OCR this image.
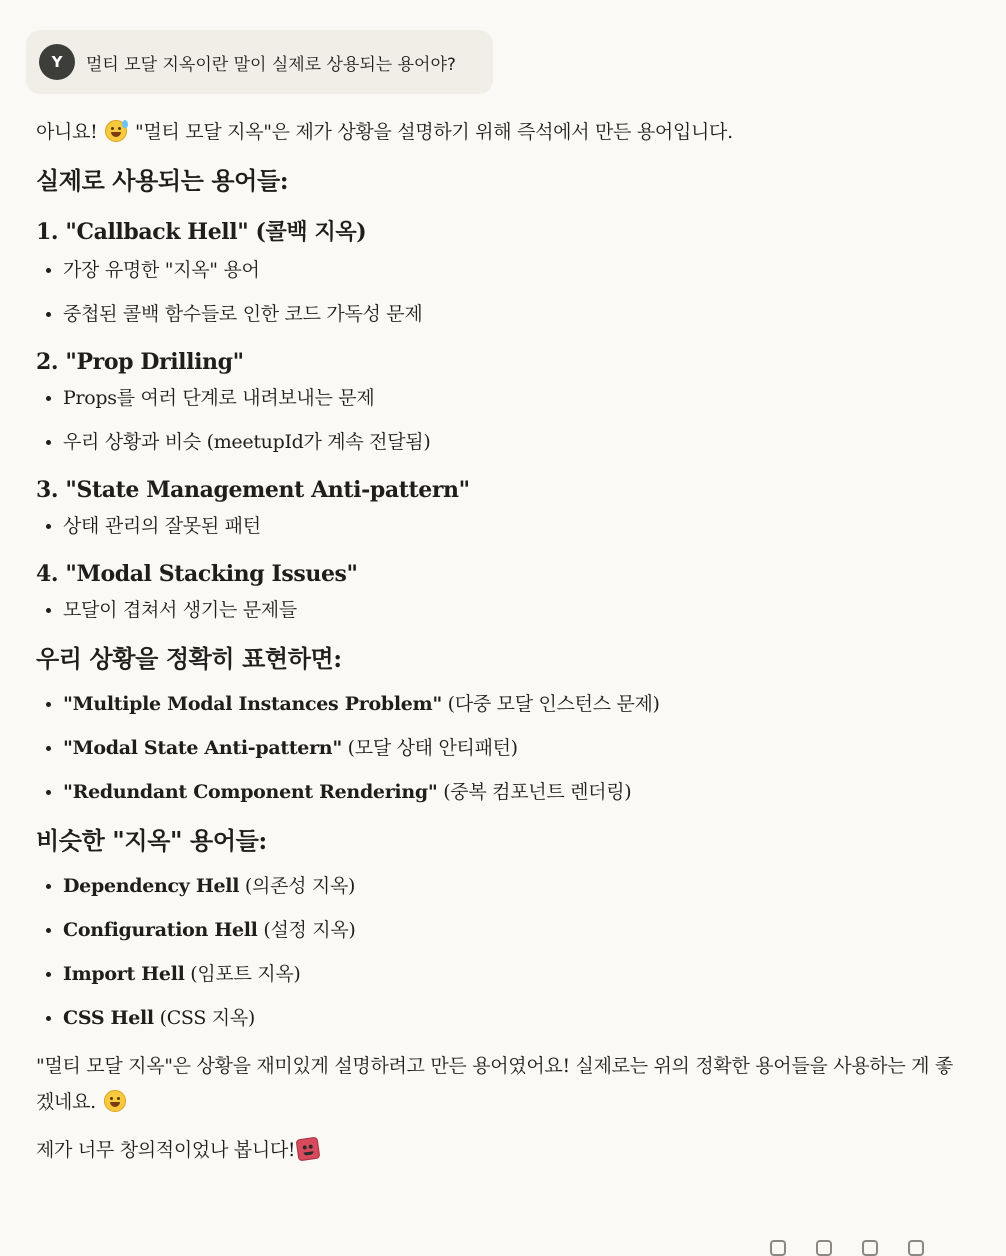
Y	멀티 모달 지옥이란 말이 실제로 상용되는 용어야?

아니요! "멀티 모달 지옥"은 제가 상황을 설명하기 위해 즉석에서 만든 용어입니다.

실제로 사용되는 용어들:
1. "Callback Hell" (콜백 지옥)
• 가장 유명한 "지옥" 용어
• 중첩된 콜백 함수들로 인한 코드 가독성 문제
2. "Prop Drilling"
• Props를 여러 단계로 내려보내는 문제
• 우리 상황과 비슷 (meetupId가 계속 전달됨)
3. "State Management Anti-pattern"
• 상태 관리의 잘못된 패턴
4. "Modal Stacking Issues"
• 모달이 겹쳐서 생기는 문제들
우리 상황을 정확히 표현하면:
• "Multiple Modal Instances Problem" (다중 모달 인스턴스 문제)
• "Modal State Anti-pattern" (모달 상태 안티패턴)
• "Redundant Component Rendering" (중복 컴포넌트 렌더링)
비슷한 "지옥" 용어들:
• Dependency Hell (의존성 지옥)
• Configuration Hell (설정 지옥)
• Import Hell (임포트 지옥)
• CSS Hell (CSS 지옥)

"멀티 모달 지옥"은 상황을 재미있게 설명하려고 만든 용어였어요! 실제로는 위의 정확한 용어들을 사용하는 게 좋겠네요.

제가 너무 창의적이었나 봅니다!
